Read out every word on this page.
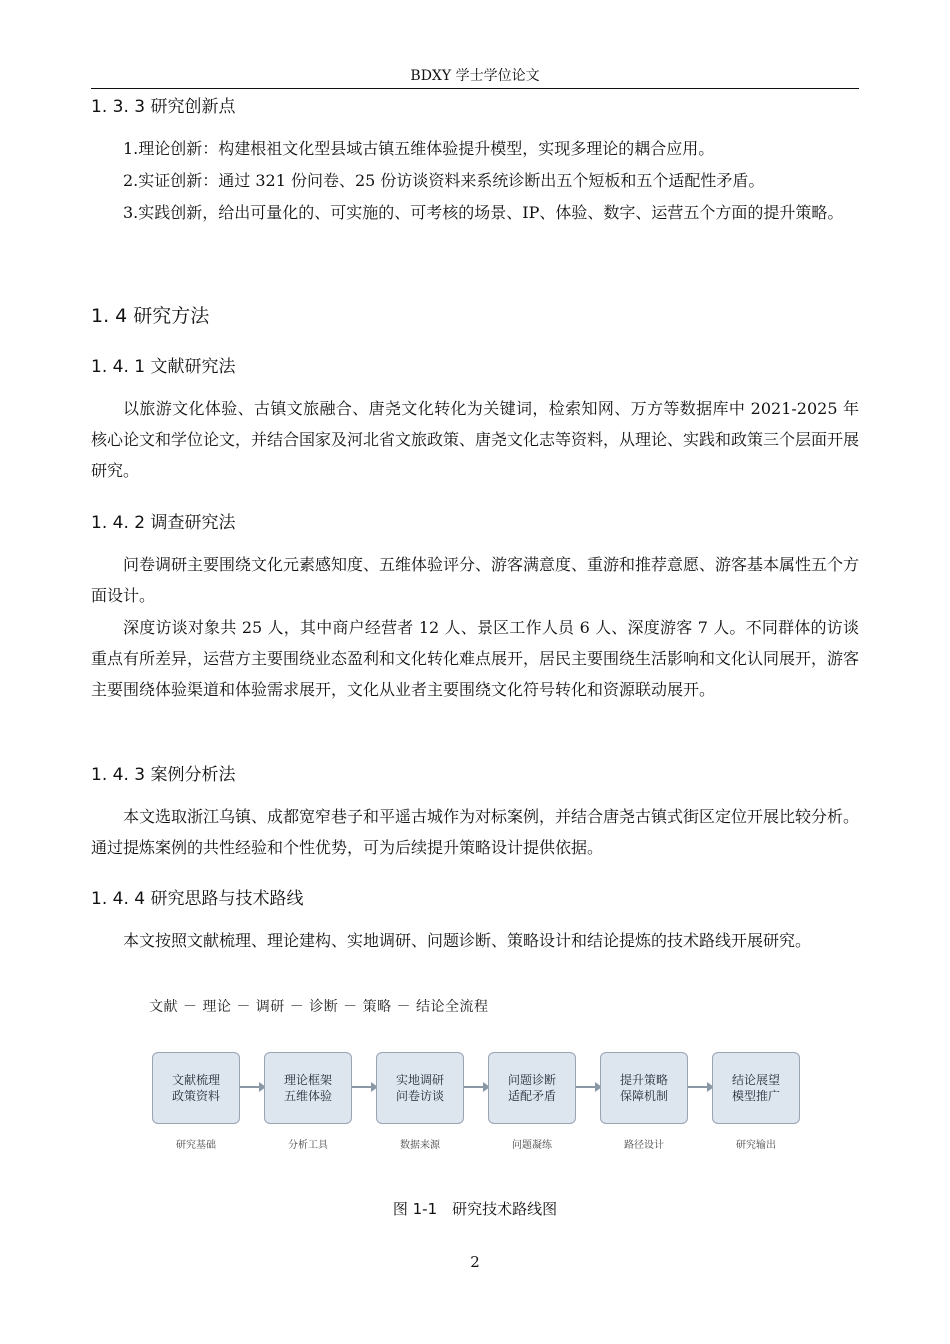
BDXY 学士学位论文
1. 3. 3 研究创新点

1.理论创新：构建根祖文化型县域古镇五维体验提升模型，实现多理论的耦合应用。

2.实证创新：通过 321 份问卷、25 份访谈资料来系统诊断出五个短板和五个适配性矛盾。

3.实践创新，给出可量化的、可实施的、可考核的场景、IP、体验、数字、运营五个方面的提升策略。

1. 4 研究方法
1. 4. 1 文献研究法

以旅游文化体验、古镇文旅融合、唐尧文化转化为关键词，检索知网、万方等数据库中 2021-2025 年核心论文和学位论文，并结合国家及河北省文旅政策、唐尧文化志等资料，从理论、实践和政策三个层面开展研究。

1. 4. 2 调查研究法

问卷调研主要围绕文化元素感知度、五维体验评分、游客满意度、重游和推荐意愿、游客基本属性五个方面设计。

深度访谈对象共 25 人，其中商户经营者 12 人、景区工作人员 6 人、深度游客 7 人。不同群体的访谈重点有所差异，运营方主要围绕业态盈利和文化转化难点展开，居民主要围绕生活影响和文化认同展开，游客主要围绕体验渠道和体验需求展开，文化从业者主要围绕文化符号转化和资源联动展开。

1. 4. 3 案例分析法

本文选取浙江乌镇、成都宽窄巷子和平遥古城作为对标案例，并结合唐尧古镇式街区定位开展比较分析。通过提炼案例的共性经验和个性优势，可为后续提升策略设计提供依据。

1. 4. 4 研究思路与技术路线

本文按照文献梳理、理论建构、实地调研、问题诊断、策略设计和结论提炼的技术路线开展研究。

文献 － 理论 － 调研 － 诊断 － 策略 － 结论全流程
文献梳理
政策资料
理论框架
五维体验
实地调研
问卷访谈
问题诊断
适配矛盾
提升策略
保障机制
结论展望
模型推广
研究基础	分析工具	数据来源	问题凝练	路径设计	研究输出
图 1-1　研究技术路线图
2
